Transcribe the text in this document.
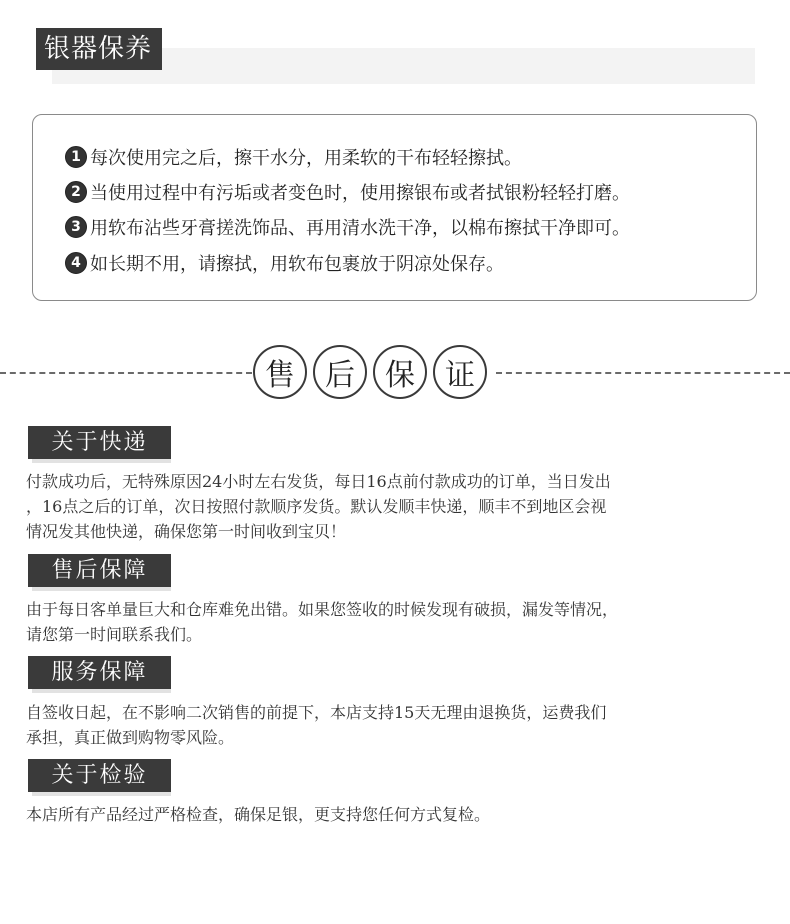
银器保养
1 每次使用完之后，擦干水分，用柔软的干布轻轻擦拭。
2 当使用过程中有污垢或者变色时，使用擦银布或者拭银粉轻轻打磨。
3 用软布沾些牙膏搓洗饰品、再用清水洗干净，以棉布擦拭干净即可。
4 如长期不用，请擦拭，用软布包裹放于阴凉处保存。
售	后	保	证
关于快递
付款成功后，无特殊原因24小时左右发货，每日16点前付款成功的订单，当日发出
，16点之后的订单，次日按照付款顺序发货。默认发顺丰快递，顺丰不到地区会视
情况发其他快递，确保您第一时间收到宝贝！
售后保障
由于每日客单量巨大和仓库难免出错。如果您签收的时候发现有破损，漏发等情况，
请您第一时间联系我们。
服务保障
自签收日起，在不影响二次销售的前提下，本店支持15天无理由退换货，运费我们
承担，真正做到购物零风险。
关于检验
本店所有产品经过严格检查，确保足银，更支持您任何方式复检。
